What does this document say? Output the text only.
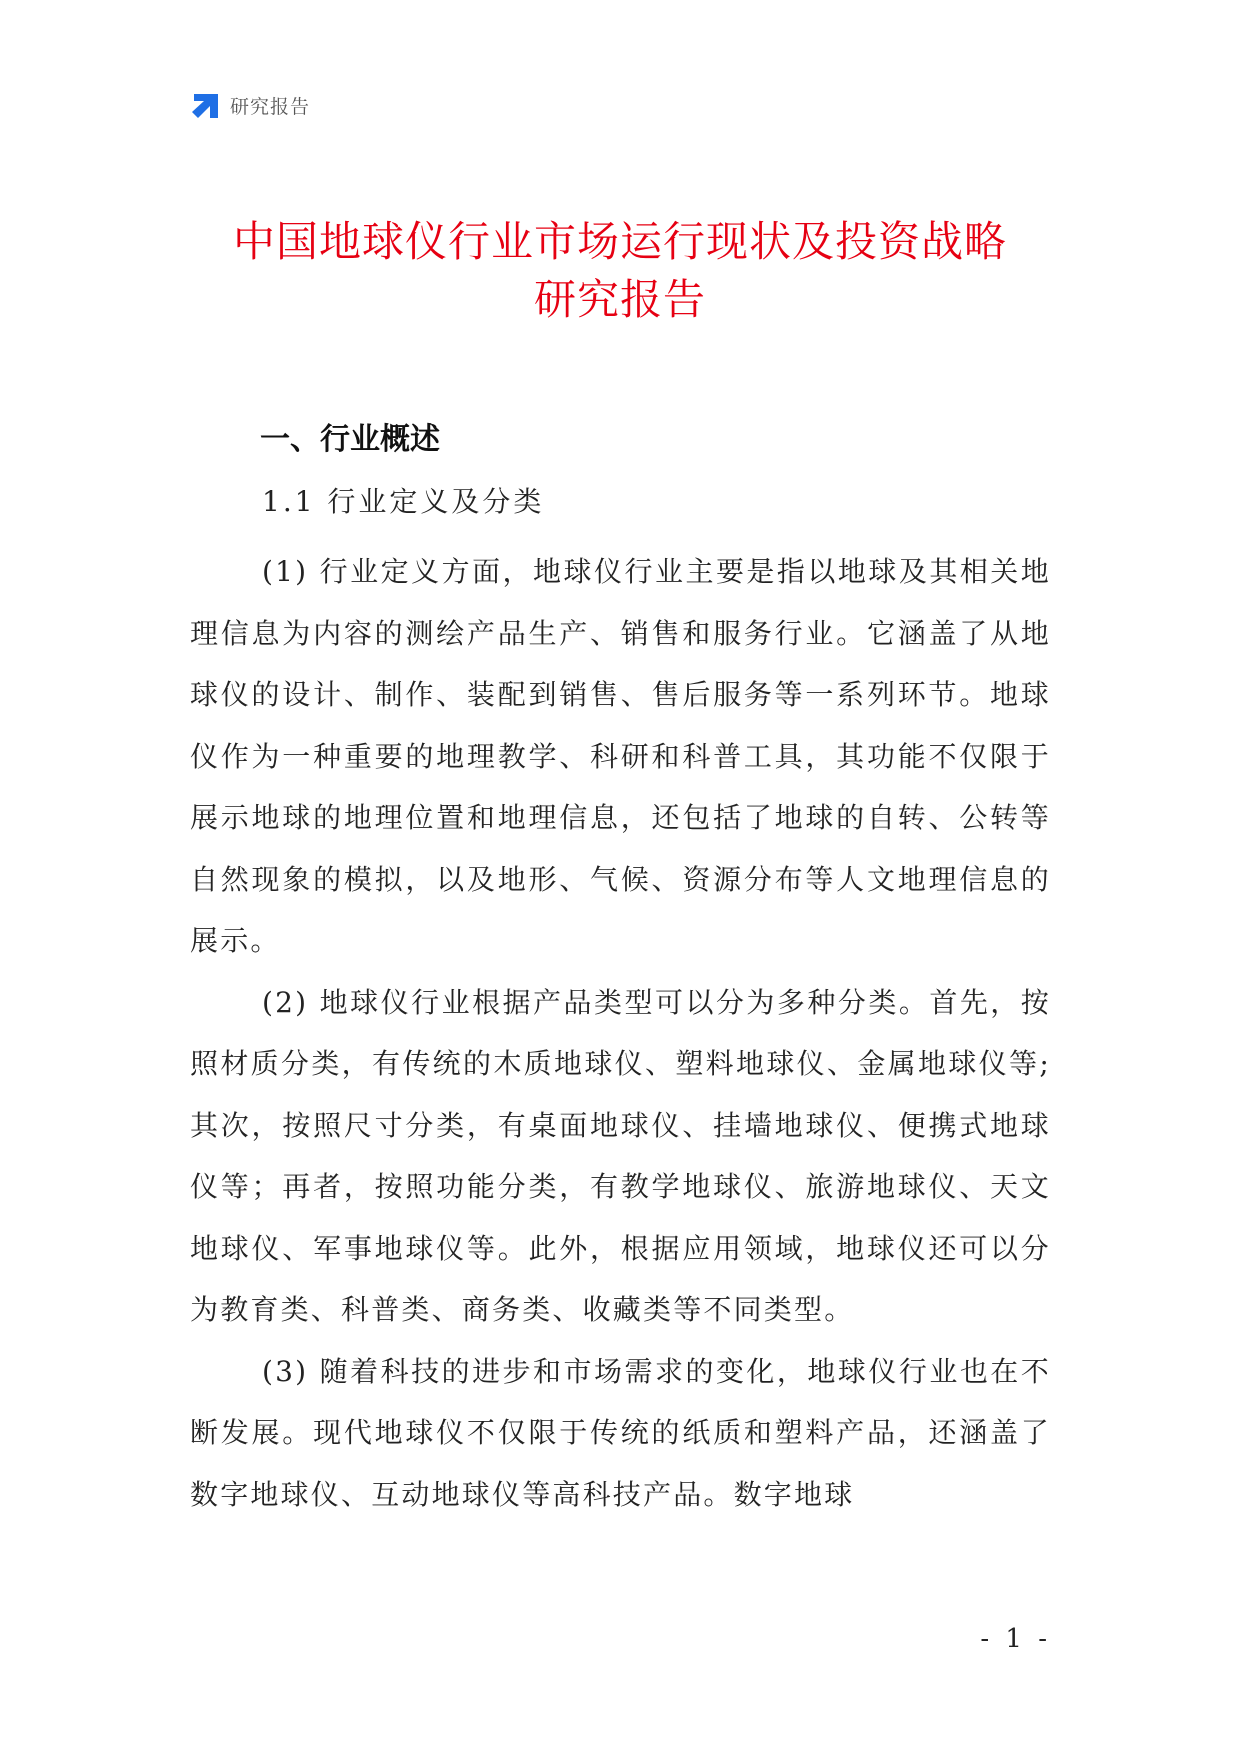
研究报告
中国地球仪行业市场运行现状及投资战略
研究报告
一、行业概述
1.1 行业定义及分类

(1) 行业定义方面，地球仪行业主要是指以地球及其相关地理信息为内容的测绘产品生产、销售和服务行业。它涵盖了从地球仪的设计、制作、装配到销售、售后服务等一系列环节。地球仪作为一种重要的地理教学、科研和科普工具，其功能不仅限于展示地球的地理位置和地理信息，还包括了地球的自转、公转等自然现象的模拟，以及地形、气候、资源分布等人文地理信息的展示。

(2) 地球仪行业根据产品类型可以分为多种分类。首先，按照材质分类，有传统的木质地球仪、塑料地球仪、金属地球仪等; 其次，按照尺寸分类，有桌面地球仪、挂墙地球仪、便携式地球仪等；再者，按照功能分类，有教学地球仪、旅游地球仪、天文地球仪、军事地球仪等。此外，根据应用领域，地球仪还可以分为教育类、科普类、商务类、收藏类等不同类型。

(3) 随着科技的进步和市场需求的变化，地球仪行业也在不断发展。现代地球仪不仅限于传统的纸质和塑料产品，还涵盖了数字地球仪、互动地球仪等高科技产品。数字地球

- 1 -
